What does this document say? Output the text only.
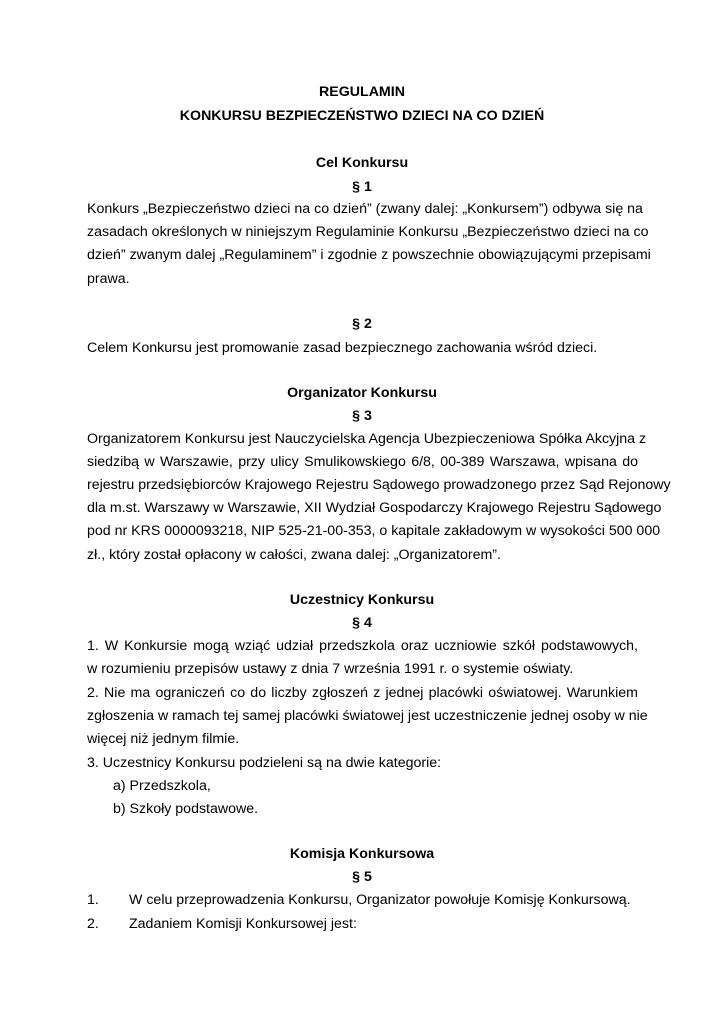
REGULAMIN
KONKURSU BEZPIECZEŃSTWO DZIECI NA CO DZIEŃ
Cel Konkursu
§ 1
Konkurs „Bezpieczeństwo dzieci na co dzień” (zwany dalej: „Konkursem”) odbywa się na
zasadach określonych w niniejszym Regulaminie Konkursu „Bezpieczeństwo dzieci na co
dzień” zwanym dalej „Regulaminem” i zgodnie z powszechnie obowiązującymi przepisami
prawa.
§ 2
Celem Konkursu jest promowanie zasad bezpiecznego zachowania wśród dzieci.
Organizator Konkursu
§ 3
Organizatorem Konkursu jest Nauczycielska Agencja Ubezpieczeniowa Spółka Akcyjna z
siedzibą w Warszawie, przy ulicy Smulikowskiego 6/8, 00-389 Warszawa, wpisana do
rejestru przedsiębiorców Krajowego Rejestru Sądowego prowadzonego przez Sąd Rejonowy
dla m.st. Warszawy w Warszawie, XII Wydział Gospodarczy Krajowego Rejestru Sądowego
pod nr KRS 0000093218, NIP 525-21-00-353, o kapitale zakładowym w wysokości 500 000
zł., który został opłacony w całości, zwana dalej: „Organizatorem”.
Uczestnicy Konkursu
§ 4
1. W Konkursie mogą wziąć udział przedszkola oraz uczniowie szkół podstawowych,
w rozumieniu przepisów ustawy z dnia 7 września 1991 r. o systemie oświaty.
2. Nie ma ograniczeń co do liczby zgłoszeń z jednej placówki oświatowej. Warunkiem
zgłoszenia w ramach tej samej placówki światowej jest uczestniczenie jednej osoby w nie
więcej niż jednym filmie.
3. Uczestnicy Konkursu podzieleni są na dwie kategorie:
a) Przedszkola,
b) Szkoły podstawowe.
Komisja Konkursowa
§ 5
1. W celu przeprowadzenia Konkursu, Organizator powołuje Komisję Konkursową.
2. Zadaniem Komisji Konkursowej jest:
